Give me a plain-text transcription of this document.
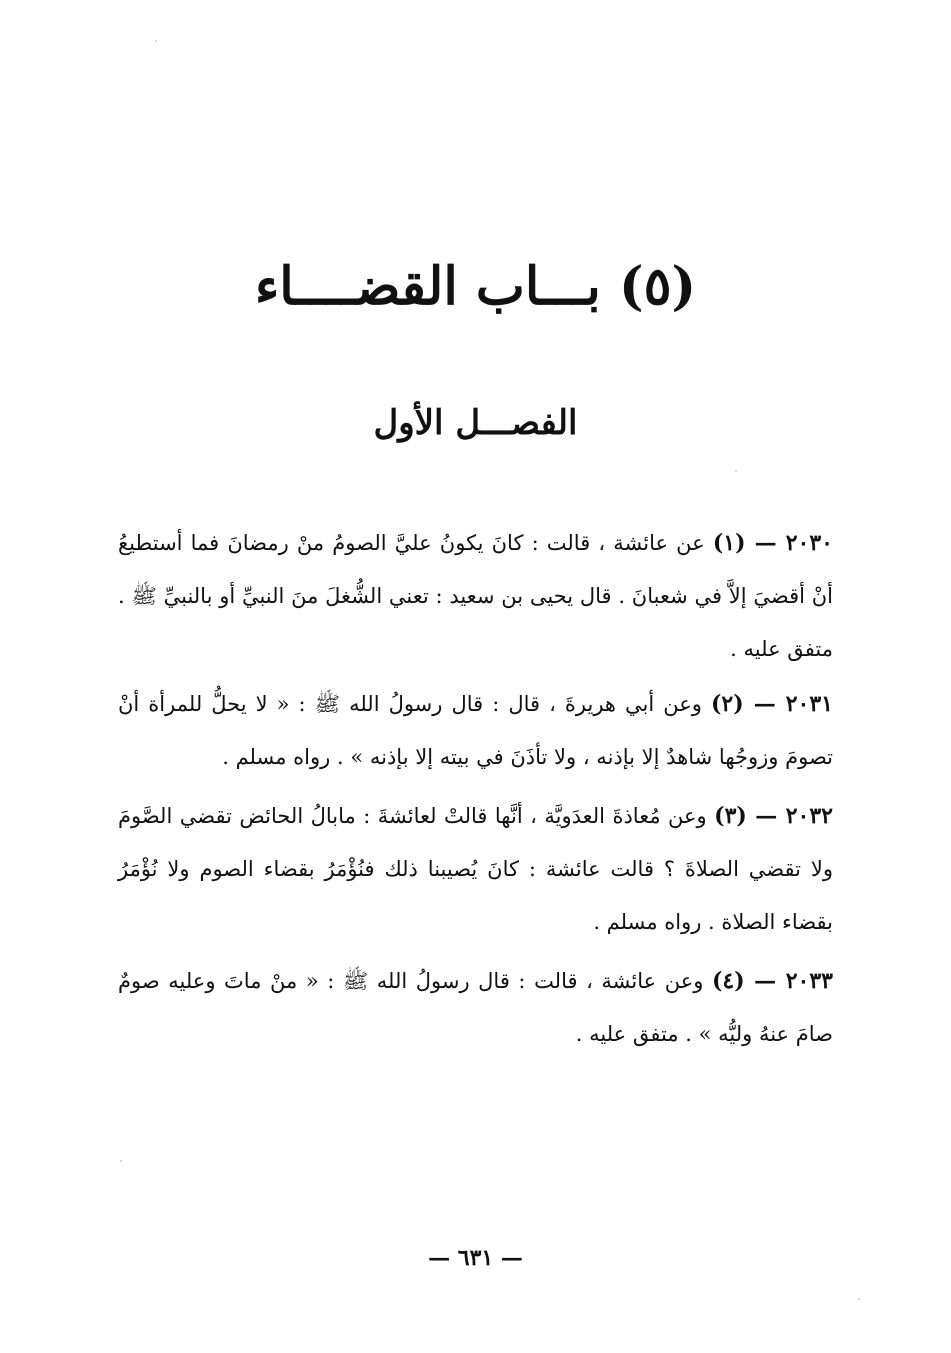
(٥) بـــاب القضــــاء
الفصـــل الأول
٢٠٣٠ — (١) عن عائشة ، قالت : كانَ يكونُ عليَّ الصومُ منْ رمضانَ فما أستطيعُ أنْ أقضيَ إلاَّ في شعبانَ . قال يحيى بن سعيد : تعني الشُّغلَ منَ النبيِّ أو بالنبيِّ ﷺ . متفق عليه .
٢٠٣١ — (٢) وعن أبي هريرةَ ، قال : قال رسولُ الله ﷺ : « لا يحلُّ للمرأة أنْ تصومَ وزوجُها شاهدٌ إلا بإذنه ، ولا تأذَنَ في بيته إلا بإذنه » . رواه مسلم .
٢٠٣٢ — (٣) وعن مُعاذةَ العدَويَّة ، أنَّها قالتْ لعائشةَ : مابالُ الحائض تقضي الصَّومَ ولا تقضي الصلاةَ ؟ قالت عائشة : كانَ يُصيبنا ذلك فنُؤْمَرُ بقضاء الصوم ولا نُؤْمَرُ بقضاء الصلاة . رواه مسلم .
٢٠٣٣ — (٤) وعن عائشة ، قالت : قال رسولُ الله ﷺ : « منْ ماتَ وعليه صومٌ صامَ عنهُ وليُّه » . متفق عليه .
— ٦٣١ —
